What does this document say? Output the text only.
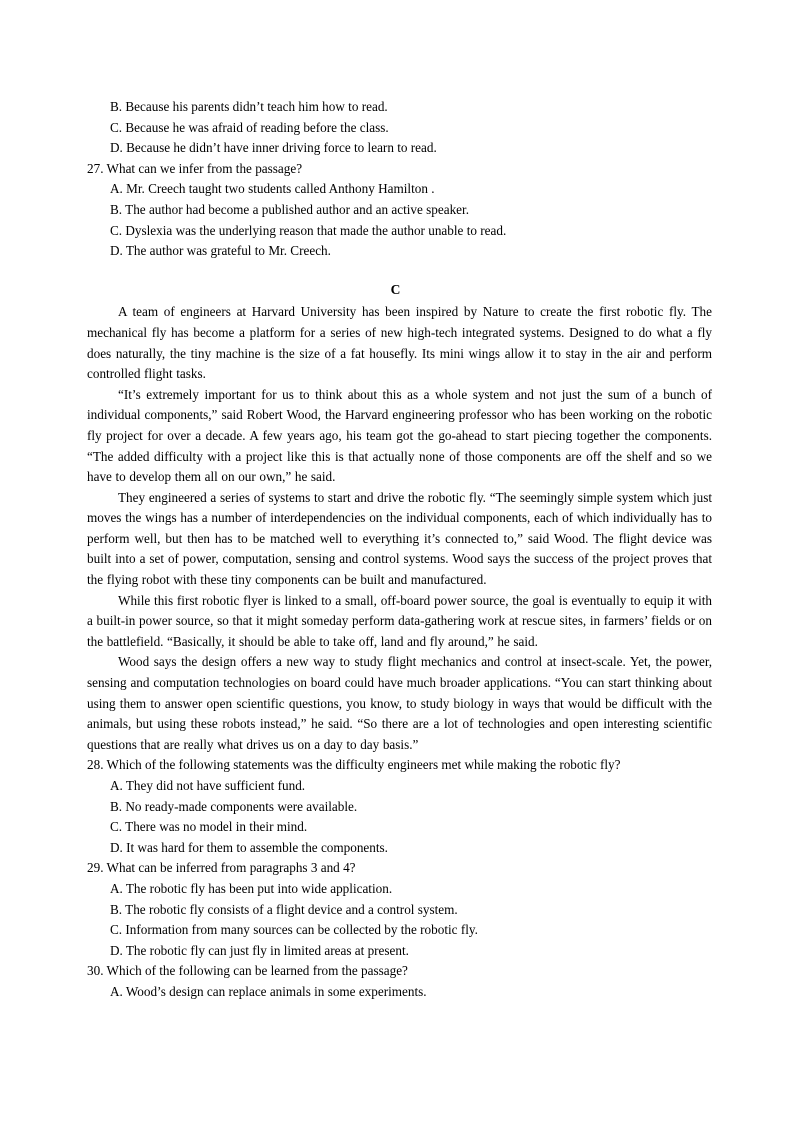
B. Because his parents didn’t teach him how to read.
C. Because he was afraid of reading before the class.
D. Because he didn’t have inner driving force to learn to read.
27. What can we infer from the passage?
A. Mr. Creech taught two students called Anthony Hamilton .
B. The author had become a published author and an active speaker.
C. Dyslexia was the underlying reason that made the author unable to read.
D. The author was grateful to Mr. Creech.
C

A team of engineers at Harvard University has been inspired by Nature to create the first robotic fly. The mechanical fly has become a platform for a series of new high-tech integrated systems. Designed to do what a fly does naturally, the tiny machine is the size of a fat housefly. Its mini wings allow it to stay in the air and perform controlled flight tasks.

“It’s extremely important for us to think about this as a whole system and not just the sum of a bunch of individual components,” said Robert Wood, the Harvard engineering professor who has been working on the robotic fly project for over a decade. A few years ago, his team got the go-ahead to start piecing together the components. “The added difficulty with a project like this is that actually none of those components are off the shelf and so we have to develop them all on our own,” he said.

They engineered a series of systems to start and drive the robotic fly. “The seemingly simple system which just moves the wings has a number of interdependencies on the individual components, each of which individually has to perform well, but then has to be matched well to everything it’s connected to,” said Wood. The flight device was built into a set of power, computation, sensing and control systems. Wood says the success of the project proves that the flying robot with these tiny components can be built and manufactured.

While this first robotic flyer is linked to a small, off-board power source, the goal is eventually to equip it with a built-in power source, so that it might someday perform data-gathering work at rescue sites, in farmers’ fields or on the battlefield. “Basically, it should be able to take off, land and fly around,” he said.

Wood says the design offers a new way to study flight mechanics and control at insect-scale. Yet, the power, sensing and computation technologies on board could have much broader applications. “You can start thinking about using them to answer open scientific questions, you know, to study biology in ways that would be difficult with the animals, but using these robots instead,” he said. “So there are a lot of technologies and open interesting scientific questions that are really what drives us on a day to day basis.”

28. Which of the following statements was the difficulty engineers met while making the robotic fly?
A. They did not have sufficient fund.
B. No ready-made components were available.
C. There was no model in their mind.
D. It was hard for them to assemble the components.
29. What can be inferred from paragraphs 3 and 4?
A. The robotic fly has been put into wide application.
B. The robotic fly consists of a flight device and a control system.
C. Information from many sources can be collected by the robotic fly.
D. The robotic fly can just fly in limited areas at present.
30. Which of the following can be learned from the passage?
A. Wood’s design can replace animals in some experiments.
